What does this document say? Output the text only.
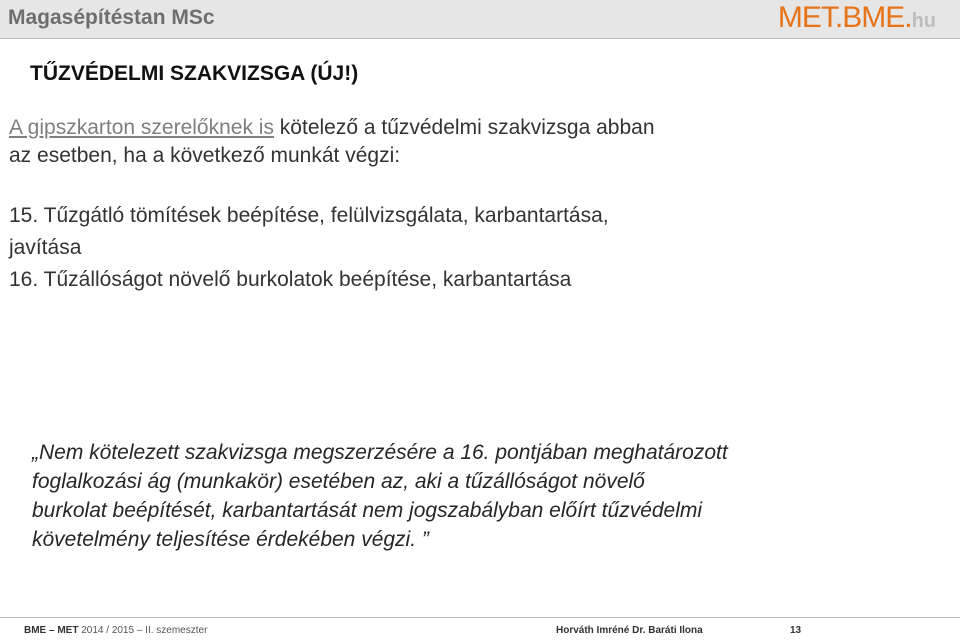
Magasépítéstan MSc	MET.BME.hu
TŰZVÉDELMI SZAKVIZSGA (ÚJ!)
A gipszkarton szerelőknek is kötelező a tűzvédelmi szakvizsga abban
az esetben, ha a következő munkát végzi:
15. Tűzgátló tömítések beépítése, felülvizsgálata, karbantartása,
javítása
16. Tűzállóságot növelő burkolatok beépítése, karbantartása
„Nem kötelezett szakvizsga megszerzésére a 16. pontjában meghatározott
foglalkozási ág (munkakör) esetében az, aki a tűzállóságot növelő
burkolat beépítését, karbantartását nem jogszabályban előírt tűzvédelmi
követelmény teljesítése érdekében végzi. ”
BME – MET 2014 / 2015 – II. szemeszter	Horváth Imréné Dr. Baráti Ilona	13
